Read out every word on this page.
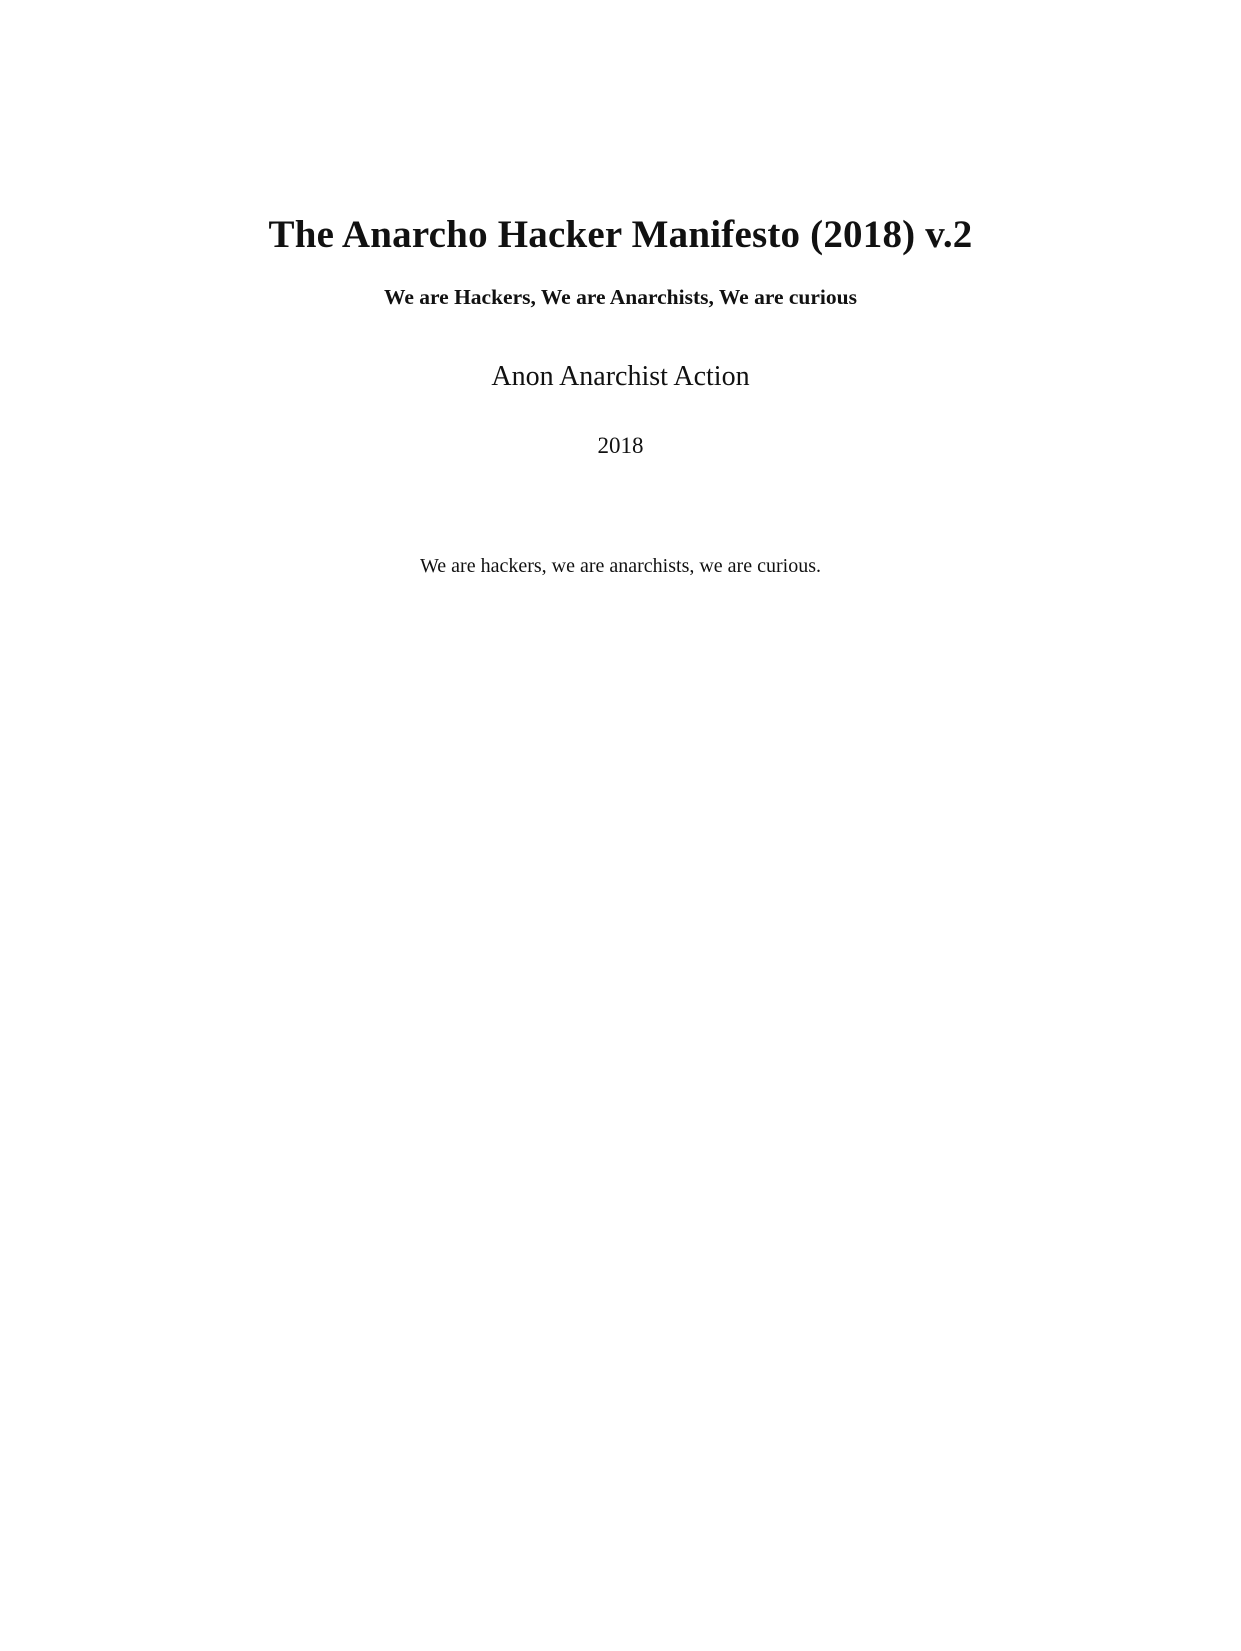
The Anarcho Hacker Manifesto (2018) v.2
We are Hackers, We are Anarchists, We are curious

Anon Anarchist Action

2018

We are hackers, we are anarchists, we are curious.
